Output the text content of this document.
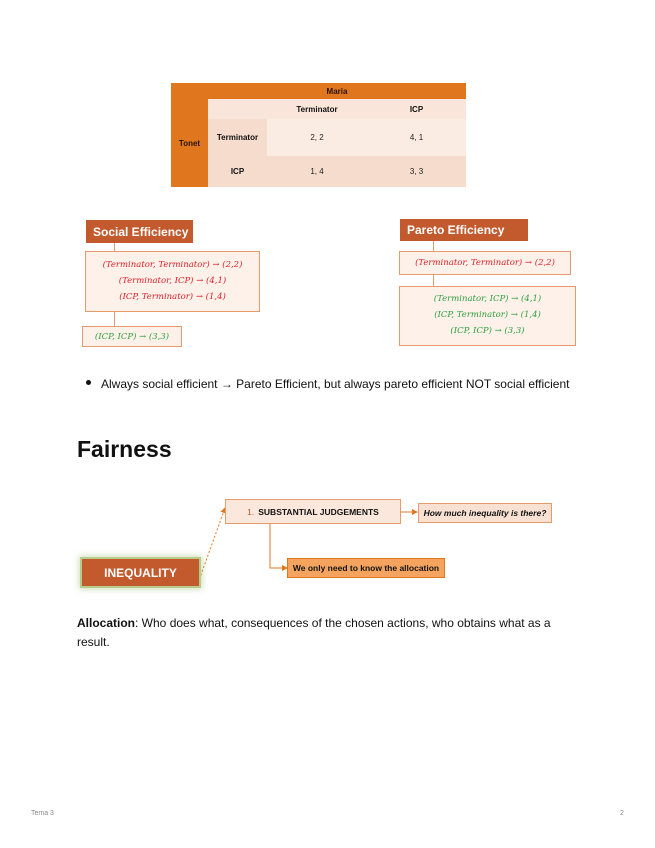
	Maria		
Tonet		Terminator	ICP
	Terminator	2, 2	4, 1
	ICP	1, 4	3, 3
Social Efficiency
(Terminator, Terminator) → (2,2)
(Terminator, ICP) → (4,1)
(ICP, Terminator) → (1,4)
(ICP, ICP) → (3,3)
Pareto Efficiency
(Terminator, Terminator) → (2,2)
(Terminator, ICP) → (4,1)
(ICP, Terminator) → (1,4)
(ICP, ICP) → (3,3)
Always social efficient → Pareto Efficient, but always pareto efficient NOT social efficient
Fairness
1. SUBSTANTIAL JUDGEMENTS	How much inequality is there?
We only need to know the allocation
INEQUALITY
Allocation: Who does what, consequences of the chosen actions, who obtains what as a result.
Tema 3	2
